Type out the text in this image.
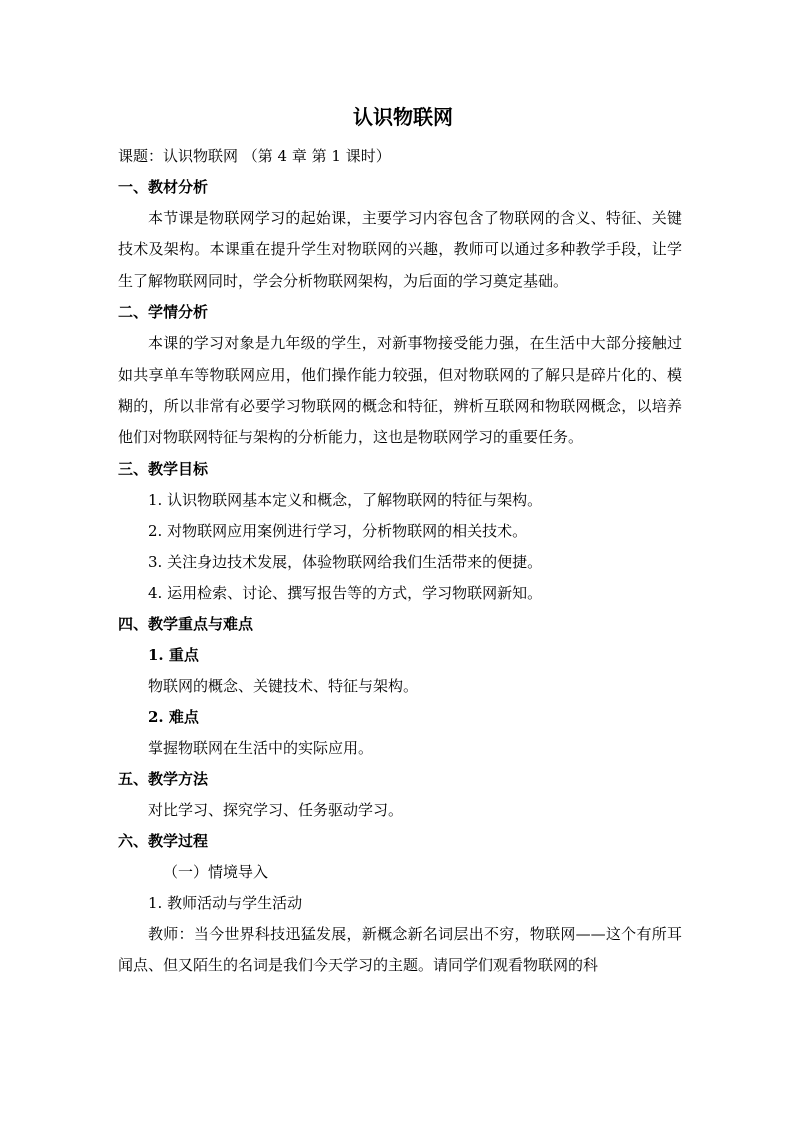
认识物联网
课题：认识物联网 （第 4 章 第 1 课时）
一、教材分析

本节课是物联网学习的起始课，主要学习内容包含了物联网的含义、特征、关键技术及架构。本课重在提升学生对物联网的兴趣，教师可以通过多种教学手段，让学生了解物联网同时，学会分析物联网架构，为后面的学习奠定基础。

二、学情分析

本课的学习对象是九年级的学生，对新事物接受能力强，在生活中大部分接触过如共享单车等物联网应用，他们操作能力较强，但对物联网的了解只是碎片化的、模糊的，所以非常有必要学习物联网的概念和特征，辨析互联网和物联网概念，以培养他们对物联网特征与架构的分析能力，这也是物联网学习的重要任务。

三、教学目标
1. 认识物联网基本定义和概念，了解物联网的特征与架构。
2. 对物联网应用案例进行学习，分析物联网的相关技术。
3. 关注身边技术发展，体验物联网给我们生活带来的便捷。
4. 运用检索、讨论、撰写报告等的方式，学习物联网新知。
四、教学重点与难点
1. 重点
物联网的概念、关键技术、特征与架构。
2. 难点
掌握物联网在生活中的实际应用。
五、教学方法
对比学习、探究学习、任务驱动学习。
六、教学过程
（一）情境导入
1. 教师活动与学生活动

教师：当今世界科技迅猛发展，新概念新名词层出不穷，物联网——这个有所耳闻点、但又陌生的名词是我们今天学习的主题。请同学们观看物联网的科
